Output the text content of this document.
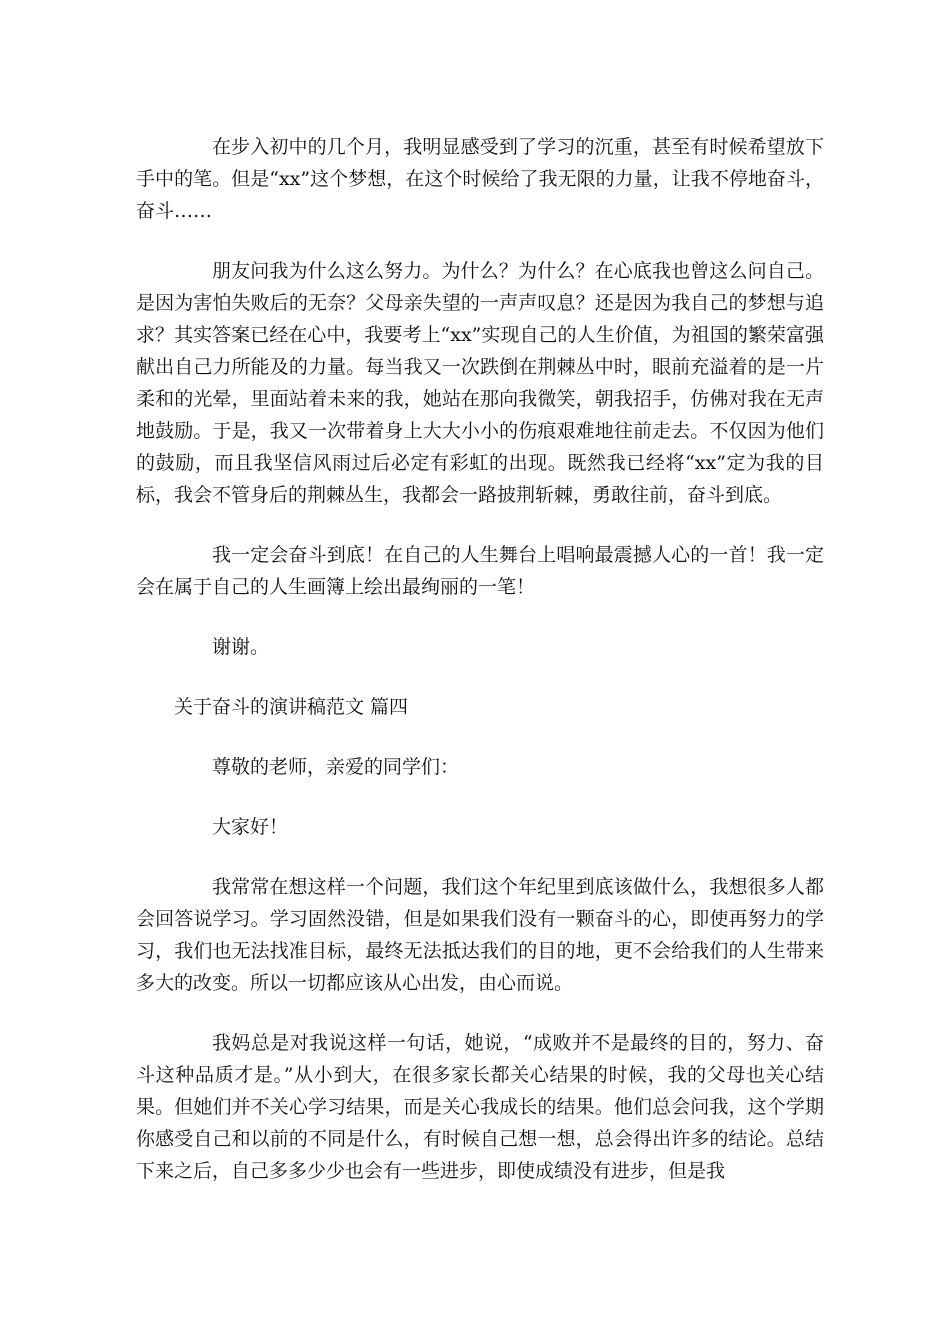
在步入初中的几个月，我明显感受到了学习的沉重，甚至有时候希望放下手中的笔。但是“xx”这个梦想，在这个时候给了我无限的力量，让我不停地奋斗，奋斗……

朋友问我为什么这么努力。为什么？为什么？在心底我也曾这么问自己。是因为害怕失败后的无奈？父母亲失望的一声声叹息？还是因为我自己的梦想与追求？其实答案已经在心中，我要考上“xx”实现自己的人生价值，为祖国的繁荣富强献出自己力所能及的力量。每当我又一次跌倒在荆棘丛中时，眼前充溢着的是一片柔和的光晕，里面站着未来的我，她站在那向我微笑，朝我招手，仿佛对我在无声地鼓励。于是，我又一次带着身上大大小小的伤痕艰难地往前走去。不仅因为他们的鼓励，而且我坚信风雨过后必定有彩虹的出现。既然我已经将“xx”定为我的目标，我会不管身后的荆棘丛生，我都会一路披荆斩棘，勇敢往前，奋斗到底。

我一定会奋斗到底！在自己的人生舞台上唱响最震撼人心的一首！我一定会在属于自己的人生画簿上绘出最绚丽的一笔！

谢谢。

关于奋斗的演讲稿范文 篇四

尊敬的老师，亲爱的同学们：

大家好！

我常常在想这样一个问题，我们这个年纪里到底该做什么，我想很多人都会回答说学习。学习固然没错，但是如果我们没有一颗奋斗的心，即使再努力的学习，我们也无法找准目标，最终无法抵达我们的目的地，更不会给我们的人生带来多大的改变。所以一切都应该从心出发，由心而说。

我妈总是对我说这样一句话，她说，“成败并不是最终的目的，努力、奋斗这种品质才是。”从小到大，在很多家长都关心结果的时候，我的父母也关心结果。但她们并不关心学习结果，而是关心我成长的结果。他们总会问我，这个学期你感受自己和以前的不同是什么，有时候自己想一想，总会得出许多的结论。总结下来之后，自己多多少少也会有一些进步，即使成绩没有进步，但是我
